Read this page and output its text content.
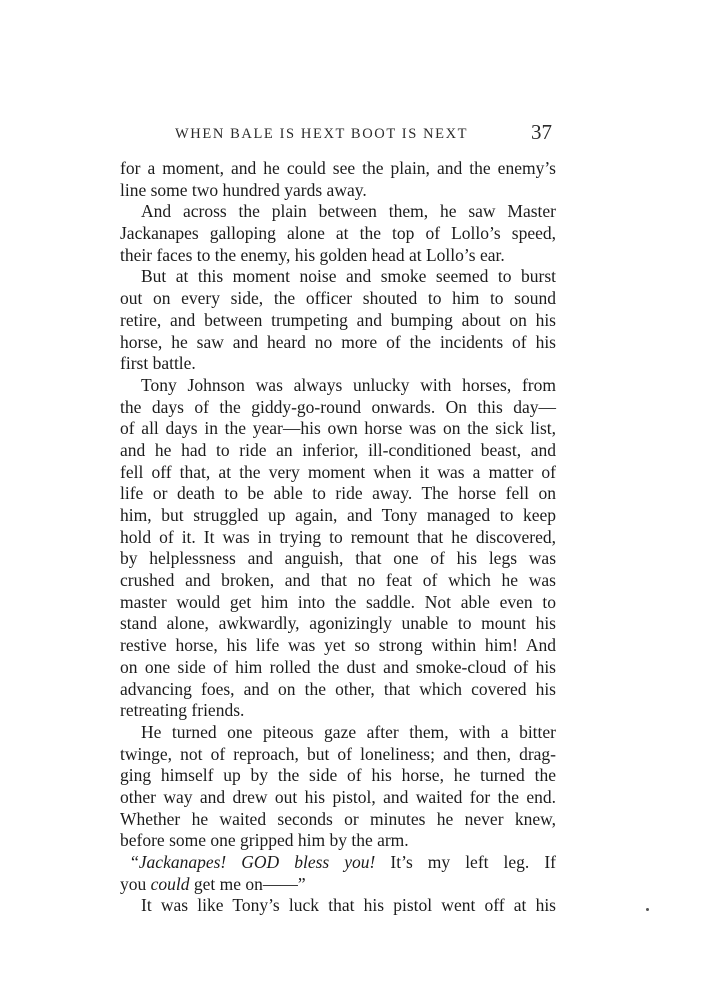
WHEN BALE IS HEXT BOOT IS NEXT	37
for a moment, and he could see the plain, and the enemy’s
line some two hundred yards away.
And across the plain between them, he saw Master
Jackanapes galloping alone at the top of Lollo’s speed,
their faces to the enemy, his golden head at Lollo’s ear.
But at this moment noise and smoke seemed to burst
out on every side, the officer shouted to him to sound
retire, and between trumpeting and bumping about on his
horse, he saw and heard no more of the incidents of his
first battle.
Tony Johnson was always unlucky with horses, from
the days of the giddy-go-round onwards. On this day—
of all days in the year—his own horse was on the sick list,
and he had to ride an inferior, ill-conditioned beast, and
fell off that, at the very moment when it was a matter of
life or death to be able to ride away. The horse fell on
him, but struggled up again, and Tony managed to keep
hold of it. It was in trying to remount that he discovered,
by helplessness and anguish, that one of his legs was
crushed and broken, and that no feat of which he was
master would get him into the saddle. Not able even to
stand alone, awkwardly, agonizingly unable to mount his
restive horse, his life was yet so strong within him! And
on one side of him rolled the dust and smoke-cloud of his
advancing foes, and on the other, that which covered his
retreating friends.
He turned one piteous gaze after them, with a bitter
twinge, not of reproach, but of loneliness; and then, drag-
ging himself up by the side of his horse, he turned the
other way and drew out his pistol, and waited for the end.
Whether he waited seconds or minutes he never knew,
before some one gripped him by the arm.
“Jackanapes! GOD bless you! It’s my left leg. If
you could get me on——”
It was like Tony’s luck that his pistol went off at his
